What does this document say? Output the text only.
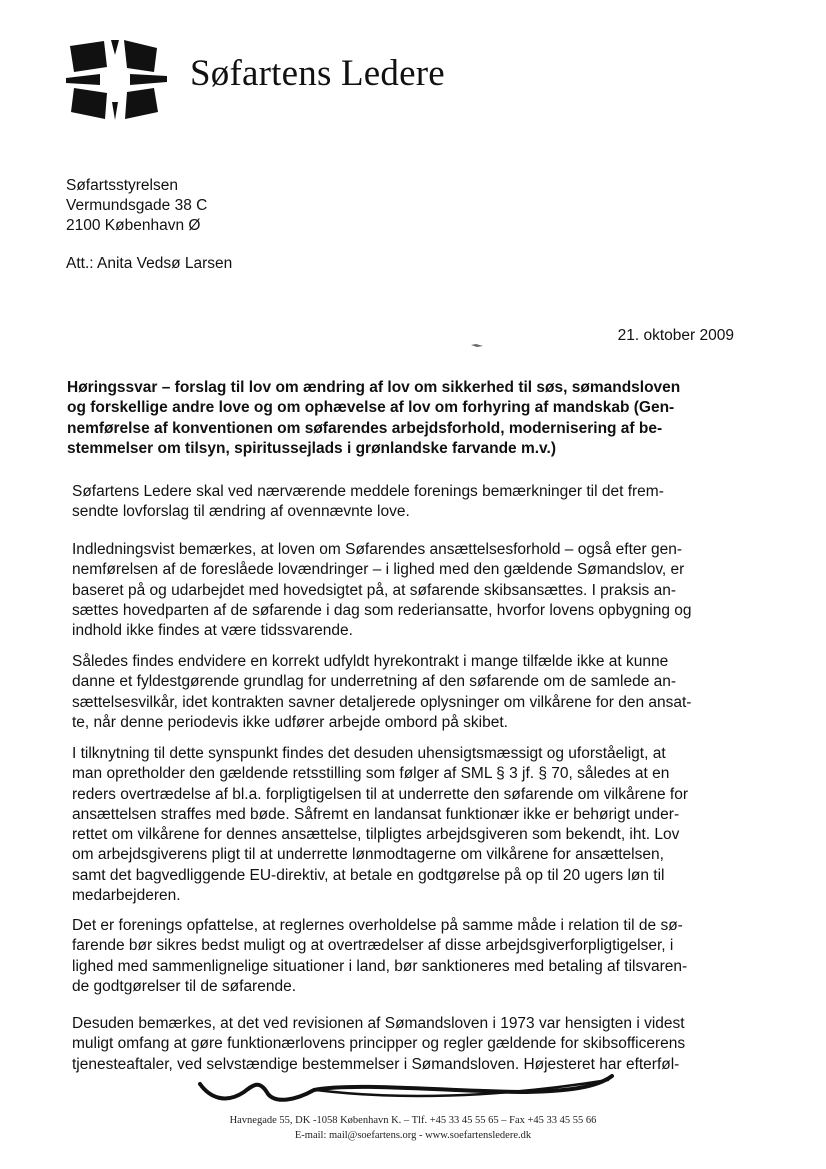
Søfartens Ledere
Søfartsstyrelsen
Vermundsgade 38 C
2100 København Ø
Att.: Anita Vedsø Larsen
21. oktober 2009
Høringssvar – forslag til lov om ændring af lov om sikkerhed til søs, sømandsloven
og forskellige andre love og om ophævelse af lov om forhyring af mandskab (Gen-
nemførelse af konventionen om søfarendes arbejdsforhold, modernisering af be-
stemmelser om tilsyn, spiritussejlads i grønlandske farvande m.v.)
Søfartens Ledere skal ved nærværende meddele forenings bemærkninger til det frem-
sendte lovforslag til ændring af ovennævnte love.
Indledningsvist bemærkes, at loven om Søfarendes ansættelsesforhold – også efter gen-
nemførelsen af de foreslåede lovændringer – i lighed med den gældende Sømandslov, er
baseret på og udarbejdet med hovedsigtet på, at søfarende skibsansættes. I praksis an-
sættes hovedparten af de søfarende i dag som rederiansatte, hvorfor lovens opbygning og
indhold ikke findes at være tidssvarende.
Således findes endvidere en korrekt udfyldt hyrekontrakt i mange tilfælde ikke at kunne
danne et fyldestgørende grundlag for underretning af den søfarende om de samlede an-
sættelsesvilkår, idet kontrakten savner detaljerede oplysninger om vilkårene for den ansat-
te, når denne periodevis ikke udfører arbejde ombord på skibet.
I tilknytning til dette synspunkt findes det desuden uhensigtsmæssigt og uforståeligt, at
man opretholder den gældende retsstilling som følger af SML § 3 jf. § 70, således at en
reders overtrædelse af bl.a. forpligtigelsen til at underrette den søfarende om vilkårene for
ansættelsen straffes med bøde. Såfremt en landansat funktionær ikke er behørigt under-
rettet om vilkårene for dennes ansættelse, tilpligtes arbejdsgiveren som bekendt, iht. Lov
om arbejdsgiverens pligt til at underrette lønmodtagerne om vilkårene for ansættelsen,
samt det bagvedliggende EU-direktiv, at betale en godtgørelse på op til 20 ugers løn til
medarbejderen.
Det er forenings opfattelse, at reglernes overholdelse på samme måde i relation til de sø-
farende bør sikres bedst muligt og at overtrædelser af disse arbejdsgiverforpligtigelser, i
lighed med sammenlignelige situationer i land, bør sanktioneres med betaling af tilsvaren-
de godtgørelser til de søfarende.
Desuden bemærkes, at det ved revisionen af Sømandsloven i 1973 var hensigten i videst
muligt omfang at gøre funktionærlovens principper og regler gældende for skibsofficerens
tjenesteaftaler, ved selvstændige bestemmelser i Sømandsloven. Højesteret har efterføl-
Havnegade 55, DK -1058 København K. – Tlf. +45 33 45 55 65 – Fax +45 33 45 55 66
E-mail: mail@soefartens.org - www.soefartensledere.dk
